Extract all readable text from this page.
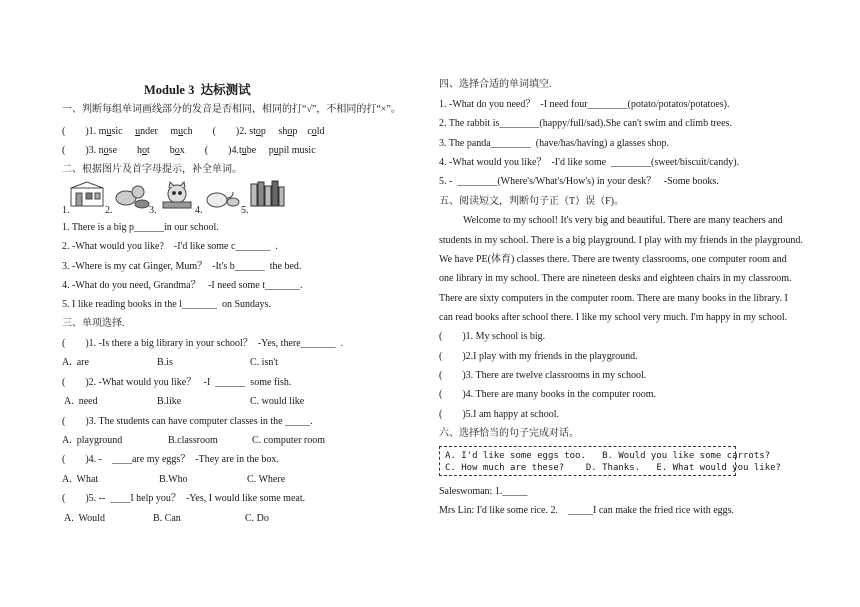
Module 3  达标测试
一、判断每组单词画线部分的发音是否相同，相同的打“√”，不相同的打“×”。
(        )1. music under much (        )2. stop shop cold
(        )3. nose hot box (        )4.tube pupil music
二、根据图片及首字母提示，补全单词。
1.	2.	3.	4.	5.
1. There is a big p______in our school.
2. -What would you like?    -I'd like some c_______  .
3. -Where is my cat Ginger, Mum？  -It's b______  the bed.
4. -What do you need, Grandma？   -I need some t_______.
5. I like reading books in the l_______  on Sundays.
三、单项选择.
(        )1. -Is there a big library in your school？  -Yes, there_______  .
A.  are	B.is	C. isn't
(        )2. -What would you like？   -I  ______  some fish.
A.  need	B.like	C. would like
(        )3. The students can have computer classes in the _____.
A.  playground	B.classroom	C. computer room
(        )4. -    ____are my eggs？  -They are in the box.
A.  What	B.Who	C. Where
(        )5. --  ____I help you？  -Yes, I would like some meat.
A.  Would	B. Can	C. Do
四、选择合适的单词填空.
1. -What do you need？  -I need four________(potato/potatos/potatoes).
2. The rabbit is________(happy/full/sad).She can't swim and climb trees.
3. The panda________  (have/has/having) a glasses shop.
4. -What would you like？  -I'd like some  ________(sweet/biscuit/candy).
5. -  ________(Where's/What's/How's) in your desk？   -Some books.
五、阅读短文，判断句子正（T）误（F)。
Welcome to my school! It's very big and beautiful. There are many teachers and
students in my school. There is a big playground. I play with my friends in the playground.
We have PE(体育) classes there. There are twenty classrooms, one computer room and
one library in my school. There are nineteen desks and eighteen chairs in my classroom.
There are sixty computers in the computer room. There are many books in the library. I
can read books after school there. I like my school very much. I'm happy in my school.
(        )1. My school is big.
(        )2.I play with my friends in the playground.
(        )3. There are twelve classrooms in my school.
(        )4. There are many books in the computer room.
(        )5.I am happy at school.
六、选择恰当的句子完成对话。
A. I'd like some eggs too.   B. Would you like some carrots?
C. How much are these?    D. Thanks.   E. What would you like?
Saleswoman: 1._____
Mrs Lin: I'd like some rice. 2.    _____I can make the fried rice with eggs.
